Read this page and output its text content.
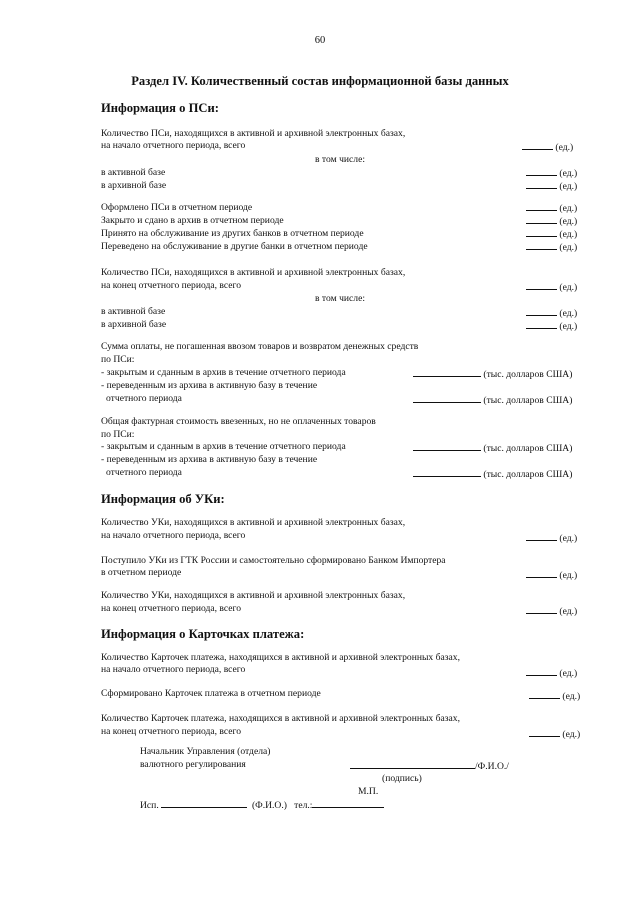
60
Раздел IV. Количественный состав информационной базы данных
Информация о ПСи:
Количество ПСи, находящихся в активной и архивной электронных базах,
на начало отчетного периода, всего	(ед.)
в том числе:
в активной базе	(ед.)
в архивной базе	(ед.)
Оформлено ПСи в отчетном периоде	(ед.)
Закрыто и сдано в архив в отчетном периоде	(ед.)
Принято на обслуживание из других банков в отчетном периоде	(ед.)
Переведено на обслуживание в другие банки в отчетном периоде	(ед.)
Количество ПСи, находящихся в активной и архивной электронных базах,
на конец отчетного периода, всего	(ед.)
в том числе:
в активной базе	(ед.)
в архивной базе	(ед.)
Сумма оплаты, не погашенная ввозом товаров и возвратом денежных средств
по ПСи:
- закрытым и сданным в архив в течение отчетного периода	(тыс. долларов США)
- переведенным из архива в активную базу в течение
отчетного периода	(тыс. долларов США)
Общая фактурная стоимость ввезенных, но не оплаченных товаров
по ПСи:
- закрытым и сданным в архив в течение отчетного периода	(тыс. долларов США)
- переведенным из архива в активную базу в течение
отчетного периода	(тыс. долларов США)
Информация об УКи:
Количество УКи, находящихся в активной и архивной электронных базах,
на начало отчетного периода, всего	(ед.)
Поступило УКи из ГТК России и самостоятельно сформировано Банком Импортера
в отчетном периоде	(ед.)
Количество УКи, находящихся в активной и архивной электронных базах,
на конец отчетного периода, всего	(ед.)
Информация о Карточках платежа:
Количество Карточек платежа, находящихся в активной и архивной электронных базах,
на начало отчетного периода, всего	(ед.)
Сформировано Карточек платежа в отчетном периоде	(ед.)
Количество Карточек платежа, находящихся в активной и архивной электронных базах,
на конец отчетного периода, всего	(ед.)
Начальник Управления (отдела)
валютного регулирования	/Ф.И.О./
(подпись)
М.П.
Исп.	(Ф.И.О.) тел.:
